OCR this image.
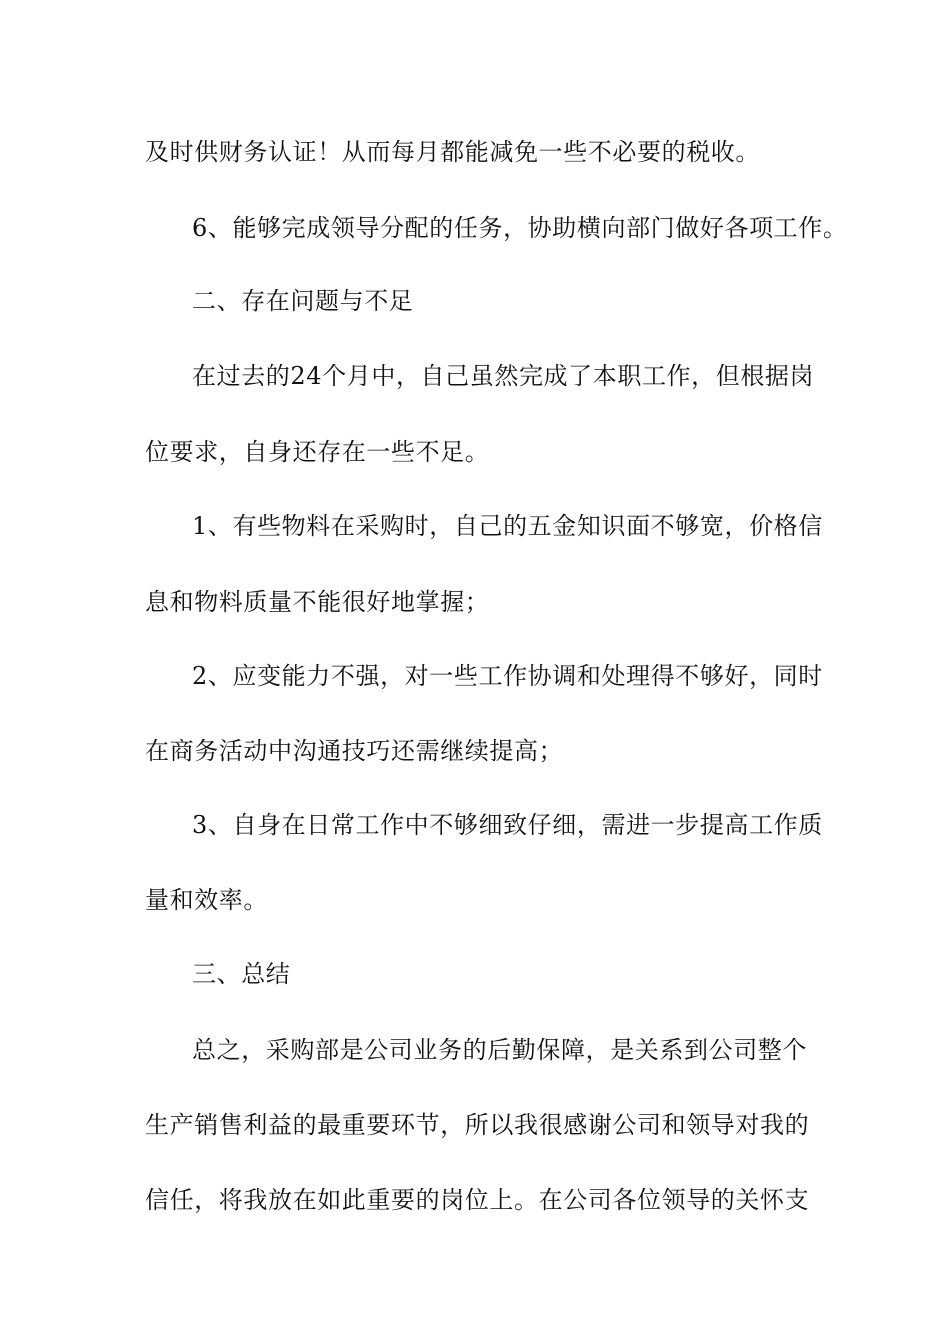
及时供财务认证！从而每月都能减免一些不必要的税收。
6、能够完成领导分配的任务，协助横向部门做好各项工作。
二、存在问题与不足
在过去的24个月中，自己虽然完成了本职工作，但根据岗
位要求，自身还存在一些不足。
1、有些物料在采购时，自己的五金知识面不够宽，价格信
息和物料质量不能很好地掌握；
2、应变能力不强，对一些工作协调和处理得不够好，同时
在商务活动中沟通技巧还需继续提高；
3、自身在日常工作中不够细致仔细，需进一步提高工作质
量和效率。
三、总结
总之，采购部是公司业务的后勤保障，是关系到公司整个
生产销售利益的最重要环节，所以我很感谢公司和领导对我的
信任，将我放在如此重要的岗位上。在公司各位领导的关怀支
